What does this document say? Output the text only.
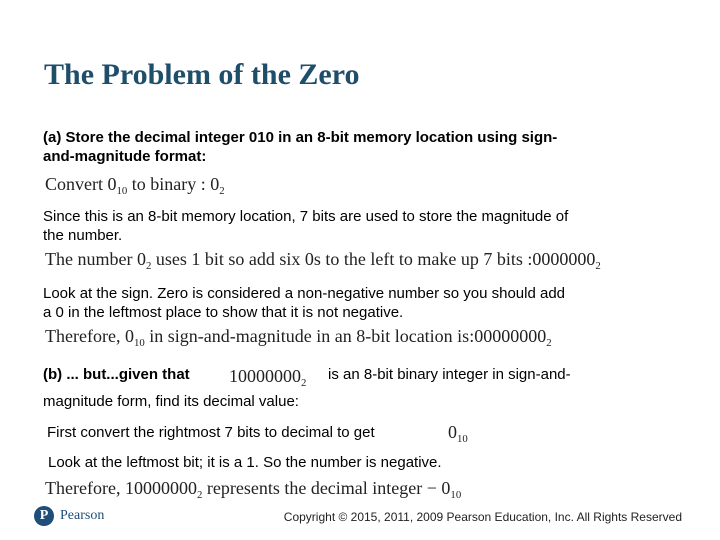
The Problem of the Zero
(a) Store the decimal integer 010 in an 8-bit memory location using sign-
and-magnitude format:
Convert $0_{10}$ to binary : $0_2$
Since this is an 8-bit memory location, 7 bits are used to store the magnitude of
the number.
The number $0_2$ uses 1 bit so add six 0s to the left to make up 7 bits $:0000000_2$
Look at the sign. Zero is considered a non-negative number so you should add
a 0 in the leftmost place to show that it is not negative.
Therefore, $0_{10}$ in sign-and-magnitude in an 8-bit location $is:00000000_2$
(b) ... but...given that $10000000_2$ is an 8-bit binary integer in sign-and-
magnitude form, find its decimal value:
First convert the rightmost 7 bits to decimal to get	$0_{10}$
Look at the leftmost bit; it is a 1. So the number is negative.
Therefore, $10000000_2$ represents the decimal integer − $0_{10}$
P Pearson	Copyright © 2015, 2011, 2009 Pearson Education, Inc. All Rights Reserved
